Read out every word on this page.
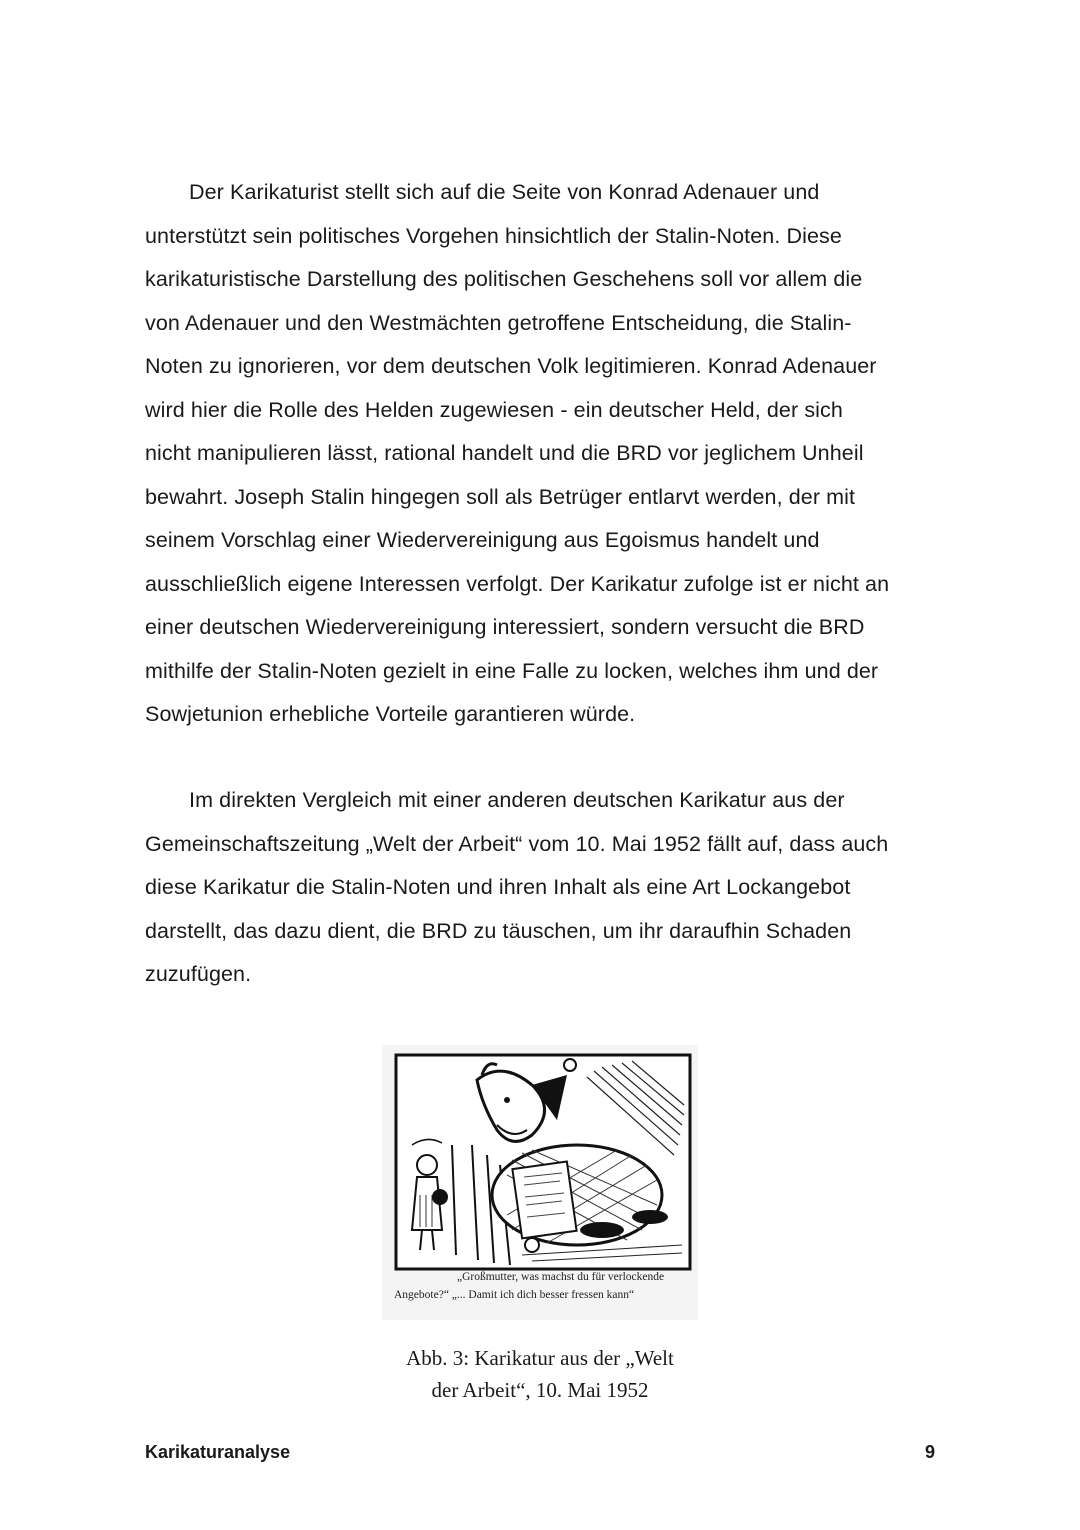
Der Karikaturist stellt sich auf die Seite von Konrad Adenauer und
unterstützt sein politisches Vorgehen hinsichtlich der Stalin-Noten. Diese
karikaturistische Darstellung des politischen Geschehens soll vor allem die
von Adenauer und den Westmächten getroffene Entscheidung, die Stalin-
Noten zu ignorieren, vor dem deutschen Volk legitimieren. Konrad Adenauer
wird hier die Rolle des Helden zugewiesen - ein deutscher Held, der sich
nicht manipulieren lässt, rational handelt und die BRD vor jeglichem Unheil
bewahrt. Joseph Stalin hingegen soll als Betrüger entlarvt werden, der mit
seinem Vorschlag einer Wiedervereinigung aus Egoismus handelt und
ausschließlich eigene Interessen verfolgt. Der Karikatur zufolge ist er nicht an
einer deutschen Wiedervereinigung interessiert, sondern versucht die BRD
mithilfe der Stalin-Noten gezielt in eine Falle zu locken, welches ihm und der
Sowjetunion erhebliche Vorteile garantieren würde.
Im direkten Vergleich mit einer anderen deutschen Karikatur aus der
Gemeinschaftszeitung „Welt der Arbeit“ vom 10. Mai 1952 fällt auf, dass auch
diese Karikatur die Stalin-Noten und ihren Inhalt als eine Art Lockangebot
darstellt, das dazu dient, die BRD zu täuschen, um ihr daraufhin Schaden
zuzufügen.
„Großmutter, was machst du für verlockende
Angebote?“ „... Damit ich dich besser fressen kann“
Abb. 3: Karikatur aus der „Welt
der Arbeit“, 10. Mai 1952
Karikaturanalyse	9
